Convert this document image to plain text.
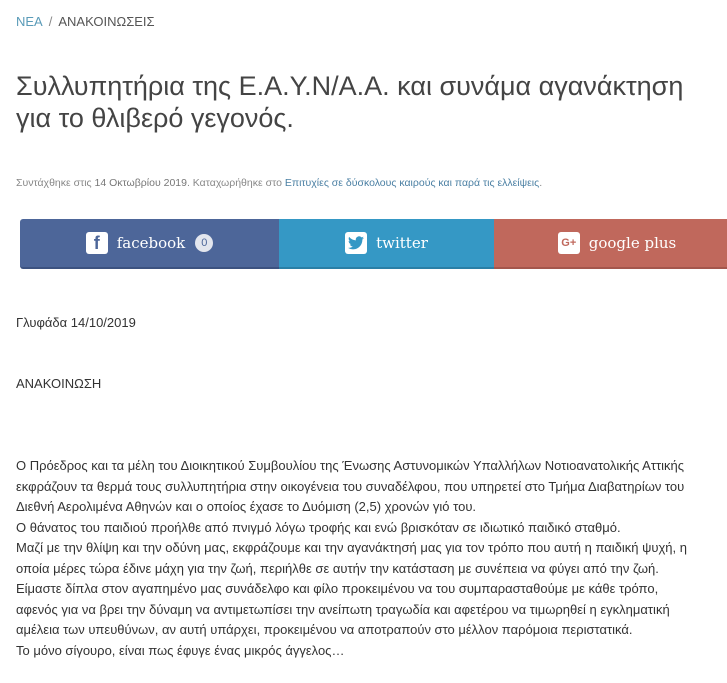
ΝΕΑ / ΑΝΑΚΟΙΝΩΣΕΙΣ
Συλλυπητήρια της Ε.Α.Υ.Ν/Α.Α. και συνάμα αγανάκτηση
για το θλιβερό γεγονός.
Συντάχθηκε στις 14 Οκτωβρίου 2019. Καταχωρήθηκε στο Επιτυχίες σε δύσκολους καιρούς και παρά τις ελλείψεις.
f	facebook	0	twitter	G+ google plus
Γλυφάδα 14/10/2019
ΑΝΑΚΟΙΝΩΣΗ
Ο Πρόεδρος και τα μέλη του Διοικητικού Συμβουλίου της Ένωσης Αστυνομικών Υπαλλήλων Νοτιοανατολικής Αττικής
εκφράζουν τα θερμά τους συλλυπητήρια στην οικογένεια του συναδέλφου, που υπηρετεί στο Τμήμα Διαβατηρίων του
Διεθνή Αερολιμένα Αθηνών και ο οποίος έχασε το Δυόμιση (2,5) χρονών γιό του.
Ο θάνατος του παιδιού προήλθε από πνιγμό λόγω τροφής και ενώ βρισκόταν σε ιδιωτικό παιδικό σταθμό.
Μαζί με την θλίψη και την οδύνη μας, εκφράζουμε και την αγανάκτησή μας για τον τρόπο που αυτή η παιδική ψυχή, η
οποία μέρες τώρα έδινε μάχη για την ζωή, περιήλθε σε αυτήν την κατάσταση με συνέπεια να φύγει από την ζωή.
Είμαστε δίπλα στον αγαπημένο μας συνάδελφο και φίλο προκειμένου να του συμπαρασταθούμε με κάθε τρόπο,
αφενός για να βρει την δύναμη να αντιμετωπίσει την ανείπωτη τραγωδία και αφετέρου να τιμωρηθεί η εγκληματική
αμέλεια των υπευθύνων, αν αυτή υπάρχει, προκειμένου να αποτραπούν στο μέλλον παρόμοια περιστατικά.
Το μόνο σίγουρο, είναι πως έφυγε ένας μικρός άγγελος…
